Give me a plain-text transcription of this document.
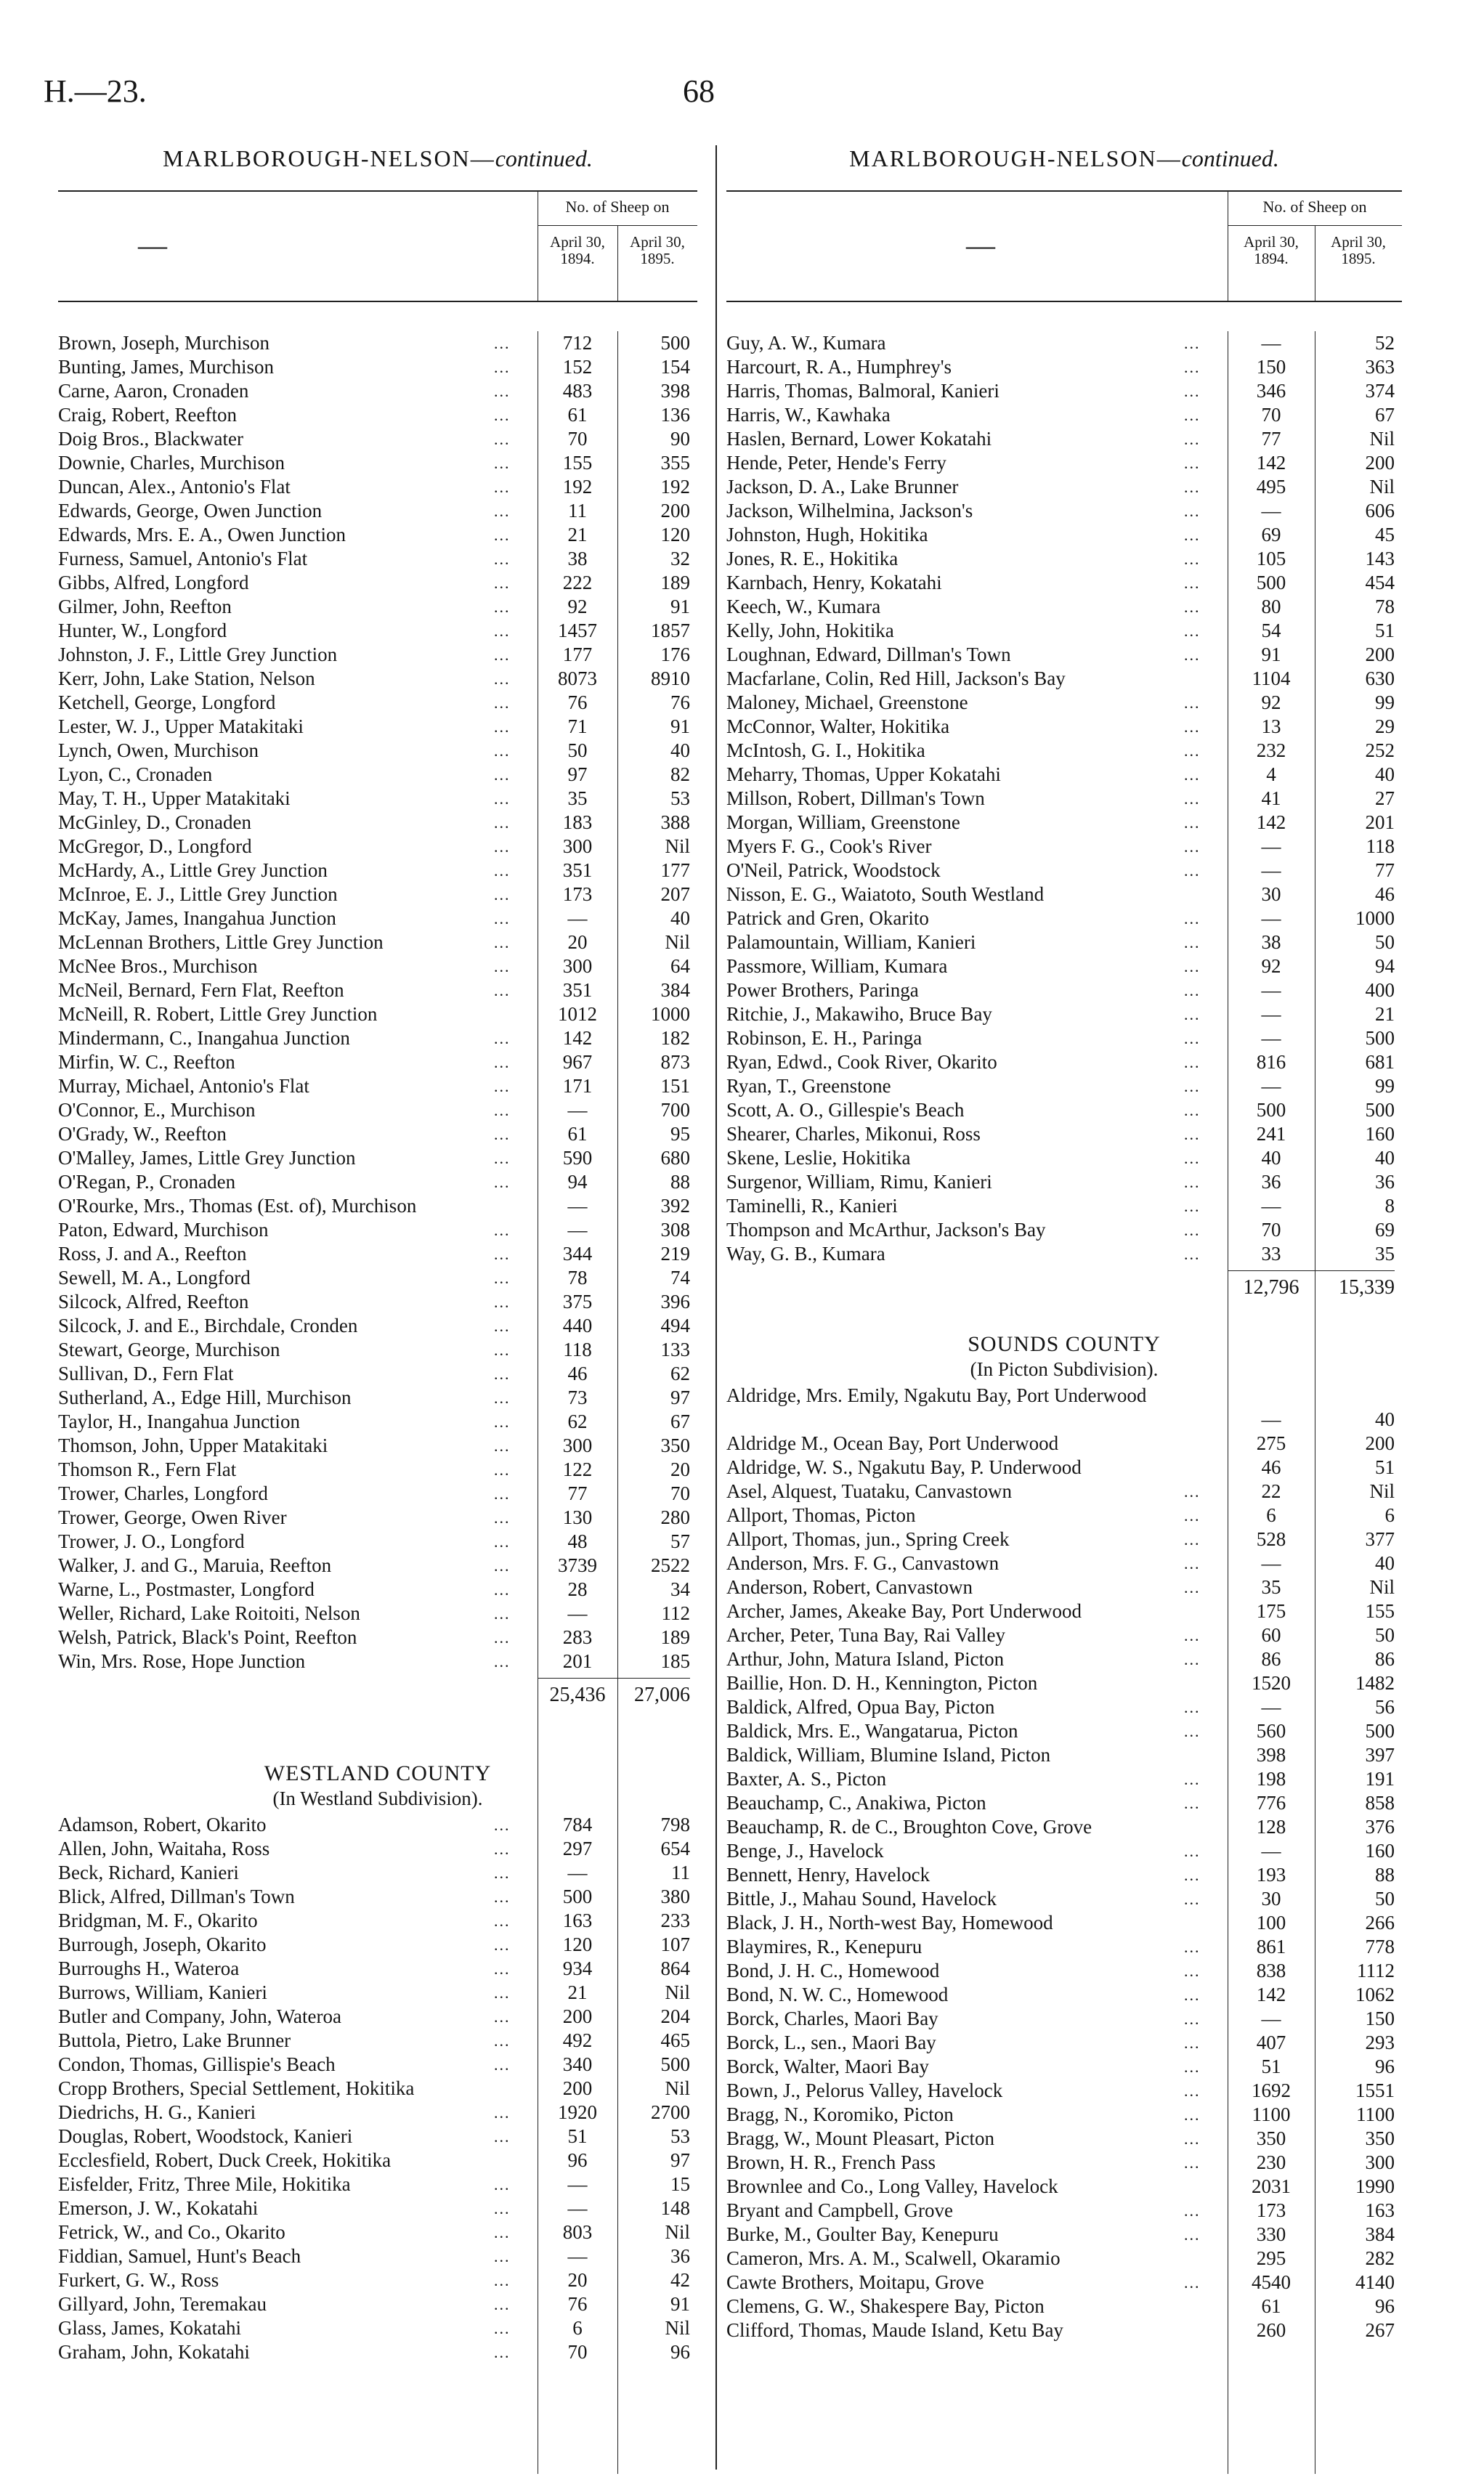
H.—23.	68
MARLBOROUGH-NELSON—continued.
—
No. of Sheep on
April 30, 1894.
April 30, 1895.
Brown, Joseph, Murchison	...	712	500
Bunting, James, Murchison	...	152	154
Carne, Aaron, Cronaden	...	483	398
Craig, Robert, Reefton	...	61	136
Doig Bros., Blackwater	...	70	90
Downie, Charles, Murchison	...	155	355
Duncan, Alex., Antonio's Flat	...	192	192
Edwards, George, Owen Junction	...	11	200
Edwards, Mrs. E. A., Owen Junction	...	21	120
Furness, Samuel, Antonio's Flat	...	38	32
Gibbs, Alfred, Longford	...	222	189
Gilmer, John, Reefton	...	92	91
Hunter, W., Longford	...	1457	1857
Johnston, J. F., Little Grey Junction	...	177	176
Kerr, John, Lake Station, Nelson	...	8073	8910
Ketchell, George, Longford	...	76	76
Lester, W. J., Upper Matakitaki	...	71	91
Lynch, Owen, Murchison	...	50	40
Lyon, C., Cronaden	...	97	82
May, T. H., Upper Matakitaki	...	35	53
McGinley, D., Cronaden	...	183	388
McGregor, D., Longford	...	300	Nil
McHardy, A., Little Grey Junction	...	351	177
McInroe, E. J., Little Grey Junction	...	173	207
McKay, James, Inangahua Junction	...	—	40
McLennan Brothers, Little Grey Junction	...	20	Nil
McNee Bros., Murchison	...	300	64
McNeil, Bernard, Fern Flat, Reefton	...	351	384
McNeill, R. Robert, Little Grey Junction	1012	1000
Mindermann, C., Inangahua Junction	...	142	182
Mirfin, W. C., Reefton	...	967	873
Murray, Michael, Antonio's Flat	...	171	151
O'Connor, E., Murchison	...	—	700
O'Grady, W., Reefton	...	61	95
O'Malley, James, Little Grey Junction	...	590	680
O'Regan, P., Cronaden	...	94	88
O'Rourke, Mrs., Thomas (Est. of), Murchison	—	392
Paton, Edward, Murchison	...	—	308
Ross, J. and A., Reefton	...	344	219
Sewell, M. A., Longford	...	78	74
Silcock, Alfred, Reefton	...	375	396
Silcock, J. and E., Birchdale, Cronden	...	440	494
Stewart, George, Murchison	...	118	133
Sullivan, D., Fern Flat	...	46	62
Sutherland, A., Edge Hill, Murchison	...	73	97
Taylor, H., Inangahua Junction	...	62	67
Thomson, John, Upper Matakitaki	...	300	350
Thomson R., Fern Flat	...	122	20
Trower, Charles, Longford	...	77	70
Trower, George, Owen River	...	130	280
Trower, J. O., Longford	...	48	57
Walker, J. and G., Maruia, Reefton	...	3739	2522
Warne, L., Postmaster, Longford	...	28	34
Weller, Richard, Lake Roitoiti, Nelson	...	—	112
Welsh, Patrick, Black's Point, Reefton	...	283	189
Win, Mrs. Rose, Hope Junction	...	201	185
25,436	27,006
WESTLAND COUNTY
(In Westland Subdivision).
Adamson, Robert, Okarito	...	784	798
Allen, John, Waitaha, Ross	...	297	654
Beck, Richard, Kanieri	...	—	11
Blick, Alfred, Dillman's Town	...	500	380
Bridgman, M. F., Okarito	...	163	233
Burrough, Joseph, Okarito	...	120	107
Burroughs H., Wateroa	...	934	864
Burrows, William, Kanieri	...	21	Nil
Butler and Company, John, Wateroa	...	200	204
Buttola, Pietro, Lake Brunner	...	492	465
Condon, Thomas, Gillispie's Beach	...	340	500
Cropp Brothers, Special Settlement, Hokitika	200	Nil
Diedrichs, H. G., Kanieri	...	1920	2700
Douglas, Robert, Woodstock, Kanieri	...	51	53
Ecclesfield, Robert, Duck Creek, Hokitika	96	97
Eisfelder, Fritz, Three Mile, Hokitika	...	—	15
Emerson, J. W., Kokatahi	...	—	148
Fetrick, W., and Co., Okarito	...	803	Nil
Fiddian, Samuel, Hunt's Beach	...	—	36
Furkert, G. W., Ross	...	20	42
Gillyard, John, Teremakau	...	76	91
Glass, James, Kokatahi	...	6	Nil
Graham, John, Kokatahi	...	70	96
MARLBOROUGH-NELSON—continued.
—
No. of Sheep on
April 30, 1894.
April 30, 1895.
Guy, A. W., Kumara	...	—	52
Harcourt, R. A., Humphrey's	...	150	363
Harris, Thomas, Balmoral, Kanieri	...	346	374
Harris, W., Kawhaka	...	70	67
Haslen, Bernard, Lower Kokatahi	...	77	Nil
Hende, Peter, Hende's Ferry	...	142	200
Jackson, D. A., Lake Brunner	...	495	Nil
Jackson, Wilhelmina, Jackson's	...	—	606
Johnston, Hugh, Hokitika	...	69	45
Jones, R. E., Hokitika	...	105	143
Karnbach, Henry, Kokatahi	...	500	454
Keech, W., Kumara	...	80	78
Kelly, John, Hokitika	...	54	51
Loughnan, Edward, Dillman's Town	...	91	200
Macfarlane, Colin, Red Hill, Jackson's Bay	1104	630
Maloney, Michael, Greenstone	...	92	99
McConnor, Walter, Hokitika	...	13	29
McIntosh, G. I., Hokitika	...	232	252
Meharry, Thomas, Upper Kokatahi	...	4	40
Millson, Robert, Dillman's Town	...	41	27
Morgan, William, Greenstone	...	142	201
Myers F. G., Cook's River	...	—	118
O'Neil, Patrick, Woodstock	...	—	77
Nisson, E. G., Waiatoto, South Westland	30	46
Patrick and Gren, Okarito	...	—	1000
Palamountain, William, Kanieri	...	38	50
Passmore, William, Kumara	...	92	94
Power Brothers, Paringa	...	—	400
Ritchie, J., Makawiho, Bruce Bay	...	—	21
Robinson, E. H., Paringa	...	—	500
Ryan, Edwd., Cook River, Okarito	...	816	681
Ryan, T., Greenstone	...	—	99
Scott, A. O., Gillespie's Beach	...	500	500
Shearer, Charles, Mikonui, Ross	...	241	160
Skene, Leslie, Hokitika	...	40	40
Surgenor, William, Rimu, Kanieri	...	36	36
Taminelli, R., Kanieri	...	—	8
Thompson and McArthur, Jackson's Bay	...	70	69
Way, G. B., Kumara	...	33	35
12,796	15,339
SOUNDS COUNTY
(In Picton Subdivision).
Aldridge, Mrs. Emily, Ngakutu Bay, Port Underwood
—	40
Aldridge M., Ocean Bay, Port Underwood	275	200
Aldridge, W. S., Ngakutu Bay, P. Underwood	46	51
Asel, Alquest, Tuataku, Canvastown	...	22	Nil
Allport, Thomas, Picton	...	6	6
Allport, Thomas, jun., Spring Creek	...	528	377
Anderson, Mrs. F. G., Canvastown	...	—	40
Anderson, Robert, Canvastown	...	35	Nil
Archer, James, Akeake Bay, Port Underwood	175	155
Archer, Peter, Tuna Bay, Rai Valley	...	60	50
Arthur, John, Matura Island, Picton	...	86	86
Baillie, Hon. D. H., Kennington, Picton	1520	1482
Baldick, Alfred, Opua Bay, Picton	...	—	56
Baldick, Mrs. E., Wangatarua, Picton	...	560	500
Baldick, William, Blumine Island, Picton	398	397
Baxter, A. S., Picton	...	198	191
Beauchamp, C., Anakiwa, Picton	...	776	858
Beauchamp, R. de C., Broughton Cove, Grove	128	376
Benge, J., Havelock	...	—	160
Bennett, Henry, Havelock	...	193	88
Bittle, J., Mahau Sound, Havelock	...	30	50
Black, J. H., North-west Bay, Homewood	100	266
Blaymires, R., Kenepuru	...	861	778
Bond, J. H. C., Homewood	...	838	1112
Bond, N. W. C., Homewood	...	142	1062
Borck, Charles, Maori Bay	...	—	150
Borck, L., sen., Maori Bay	...	407	293
Borck, Walter, Maori Bay	...	51	96
Bown, J., Pelorus Valley, Havelock	...	1692	1551
Bragg, N., Koromiko, Picton	...	1100	1100
Bragg, W., Mount Pleasart, Picton	...	350	350
Brown, H. R., French Pass	...	230	300
Brownlee and Co., Long Valley, Havelock	2031	1990
Bryant and Campbell, Grove	...	173	163
Burke, M., Goulter Bay, Kenepuru	...	330	384
Cameron, Mrs. A. M., Scalwell, Okaramio	295	282
Cawte Brothers, Moitapu, Grove	...	4540	4140
Clemens, G. W., Shakespere Bay, Picton	61	96
Clifford, Thomas, Maude Island, Ketu Bay	260	267
